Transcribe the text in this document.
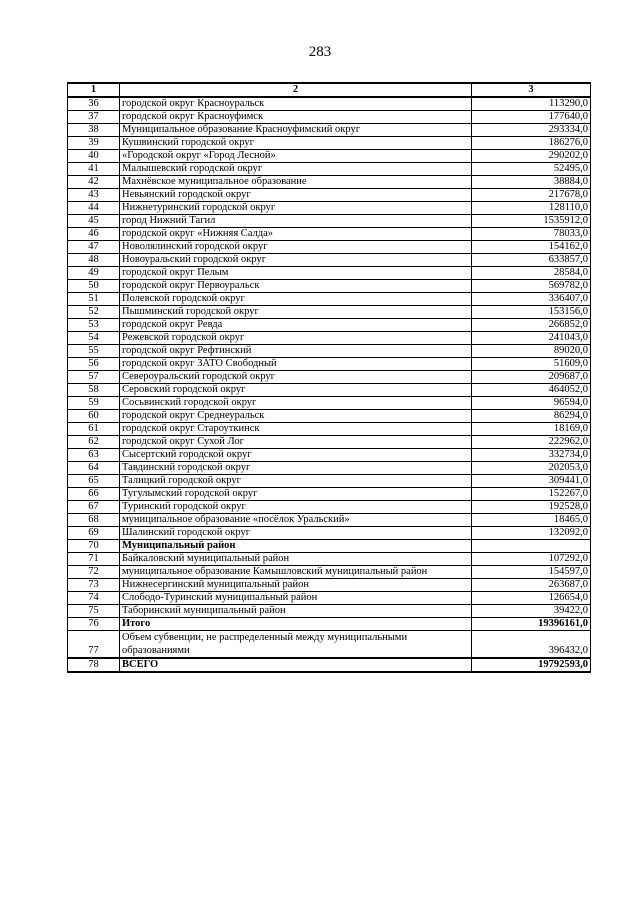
283
1	2	3
36	городской округ Красноуральск	113290,0
37	городской округ Красноуфимск	177640,0
38	Муниципальное образование Красноуфимский округ	293334,0
39	Кушвинский городской округ	186276,0
40	«Городской округ «Город Лесной»	290202,0
41	Малышевский городской округ	52495,0
42	Махнёвское муниципальное образование	38884,0
43	Невьянский городской округ	217678,0
44	Нижнетуринский городской округ	128110,0
45	город Нижний Тагил	1535912,0
46	городской округ «Нижняя Салда»	78033,0
47	Новолялинский городской округ	154162,0
48	Новоуральский городской округ	633857,0
49	городской округ Пелым	28584,0
50	городской округ Первоуральск	569782,0
51	Полевской городской округ	336407,0
52	Пышминский городской округ	153156,0
53	городской округ Ревда	266852,0
54	Режевской городской округ	241043,0
55	городской округ Рефтинский	89020,0
56	городской округ ЗАТО Свободный	51609,0
57	Североуральский городской округ	209687,0
58	Серовский городской округ	464052,0
59	Сосьвинский городской округ	96594,0
60	городской округ Среднеуральск	86294,0
61	городской округ Староуткинск	18169,0
62	городской округ Сухой Лог	222962,0
63	Сысертский городской округ	332734,0
64	Тавдинский городской округ	202053,0
65	Талицкий городской округ	309441,0
66	Тугулымский городской округ	152267,0
67	Туринский городской округ	192528,0
68	муниципальное образование «посёлок Уральский»	18465,0
69	Шалинский городской округ	132092,0
70	Муниципальный район	
71	Байкаловский муниципальный район	107292,0
72	муниципальное образование Камышловский муниципальный район	154597,0
73	Нижнесергинский муниципальный район	263687,0
74	Слободо-Туринский муниципальный район	126654,0
75	Таборинский муниципальный район	39422,0
76	Итого	19396161,0
77	Объем субвенции, не распределенный между муниципальными образованиями	396432,0
78	ВСЕГО	19792593,0
